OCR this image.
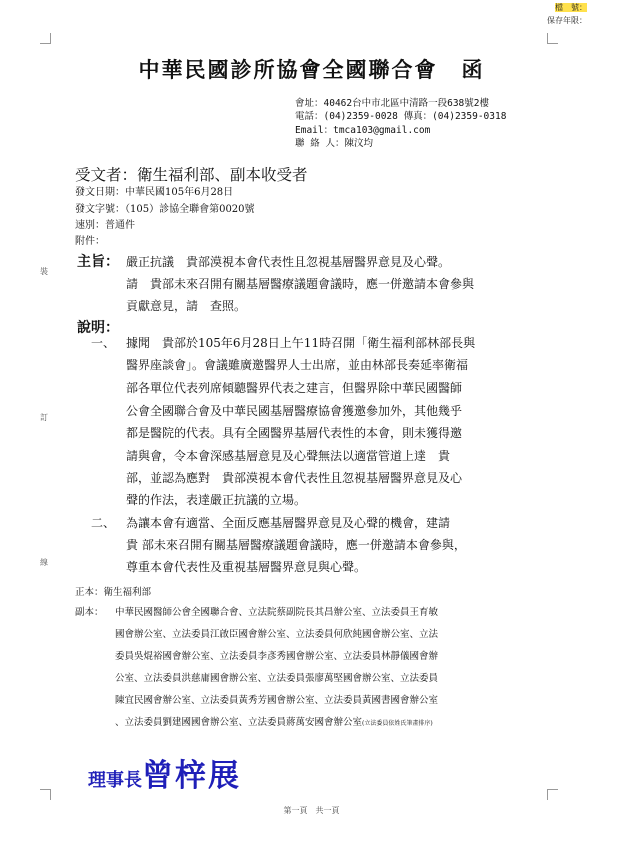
檔　號：
保存年限：
中華民國診所協會全國聯合會 函
會址：40462台中市北區中清路一段638號2樓
電話：(04)2359-0028 傳真：(04)2359-0318
Email：tmca103@gmail.com
聯 絡 人：陳汶均
受文者：衛生福利部、副本收受者
發文日期：中華民國105年6月28日
發文字號：（105）診協全聯會第0020號
速別：普通件
附件：
裝
訂
線
主旨： 嚴正抗議　貴部漠視本會代表性且忽視基層醫界意見及心聲。
請　貴部未來召開有關基層醫療議題會議時，應一併邀請本會參與
貢獻意見，請　查照。
說明：
一、 據聞　貴部於105年6月28日上午11時召開「衛生福利部林部長與
醫界座談會」。會議雖廣邀醫界人士出席，並由林部長奏延率衛福
部各單位代表列席傾聽醫界代表之建言，但醫界除中華民國醫師
公會全國聯合會及中華民國基層醫療協會獲邀參加外，其他幾乎
都是醫院的代表。具有全國醫界基層代表性的本會，則未獲得邀
請與會，令本會深感基層意見及心聲無法以適當管道上達　貴
部，並認為應對　貴部漠視本會代表性且忽視基層醫界意見及心
聲的作法，表達嚴正抗議的立場。
二、 為讓本會有適當、全面反應基層醫界意見及心聲的機會，建請
貴 部未來召開有關基層醫療議題會議時，應一併邀請本會參與，
尊重本會代表性及重視基層醫界意見與心聲。
正本：衛生福利部
副本： 中華民國醫師公會全國聯合會、立法院蔡副院長其昌辦公室、立法委員王育敏
國會辦公室、立法委員江啟臣國會辦公室、立法委員何欣純國會辦公室、立法
委員吳焜裕國會辦公室、立法委員李彥秀國會辦公室、立法委員林靜儀國會辦
公室、立法委員洪慈庸國會辦公室、立法委員張廖萬堅國會辦公室、立法委員
陳宜民國會辦公室、立法委員黃秀芳國會辦公室、立法委員黃國書國會辦公室
、立法委員劉建國國會辦公室、立法委員蔣萬安國會辦公室(立法委員依姓氏筆畫排序)
理事長曾梓展
第一頁　共一頁
